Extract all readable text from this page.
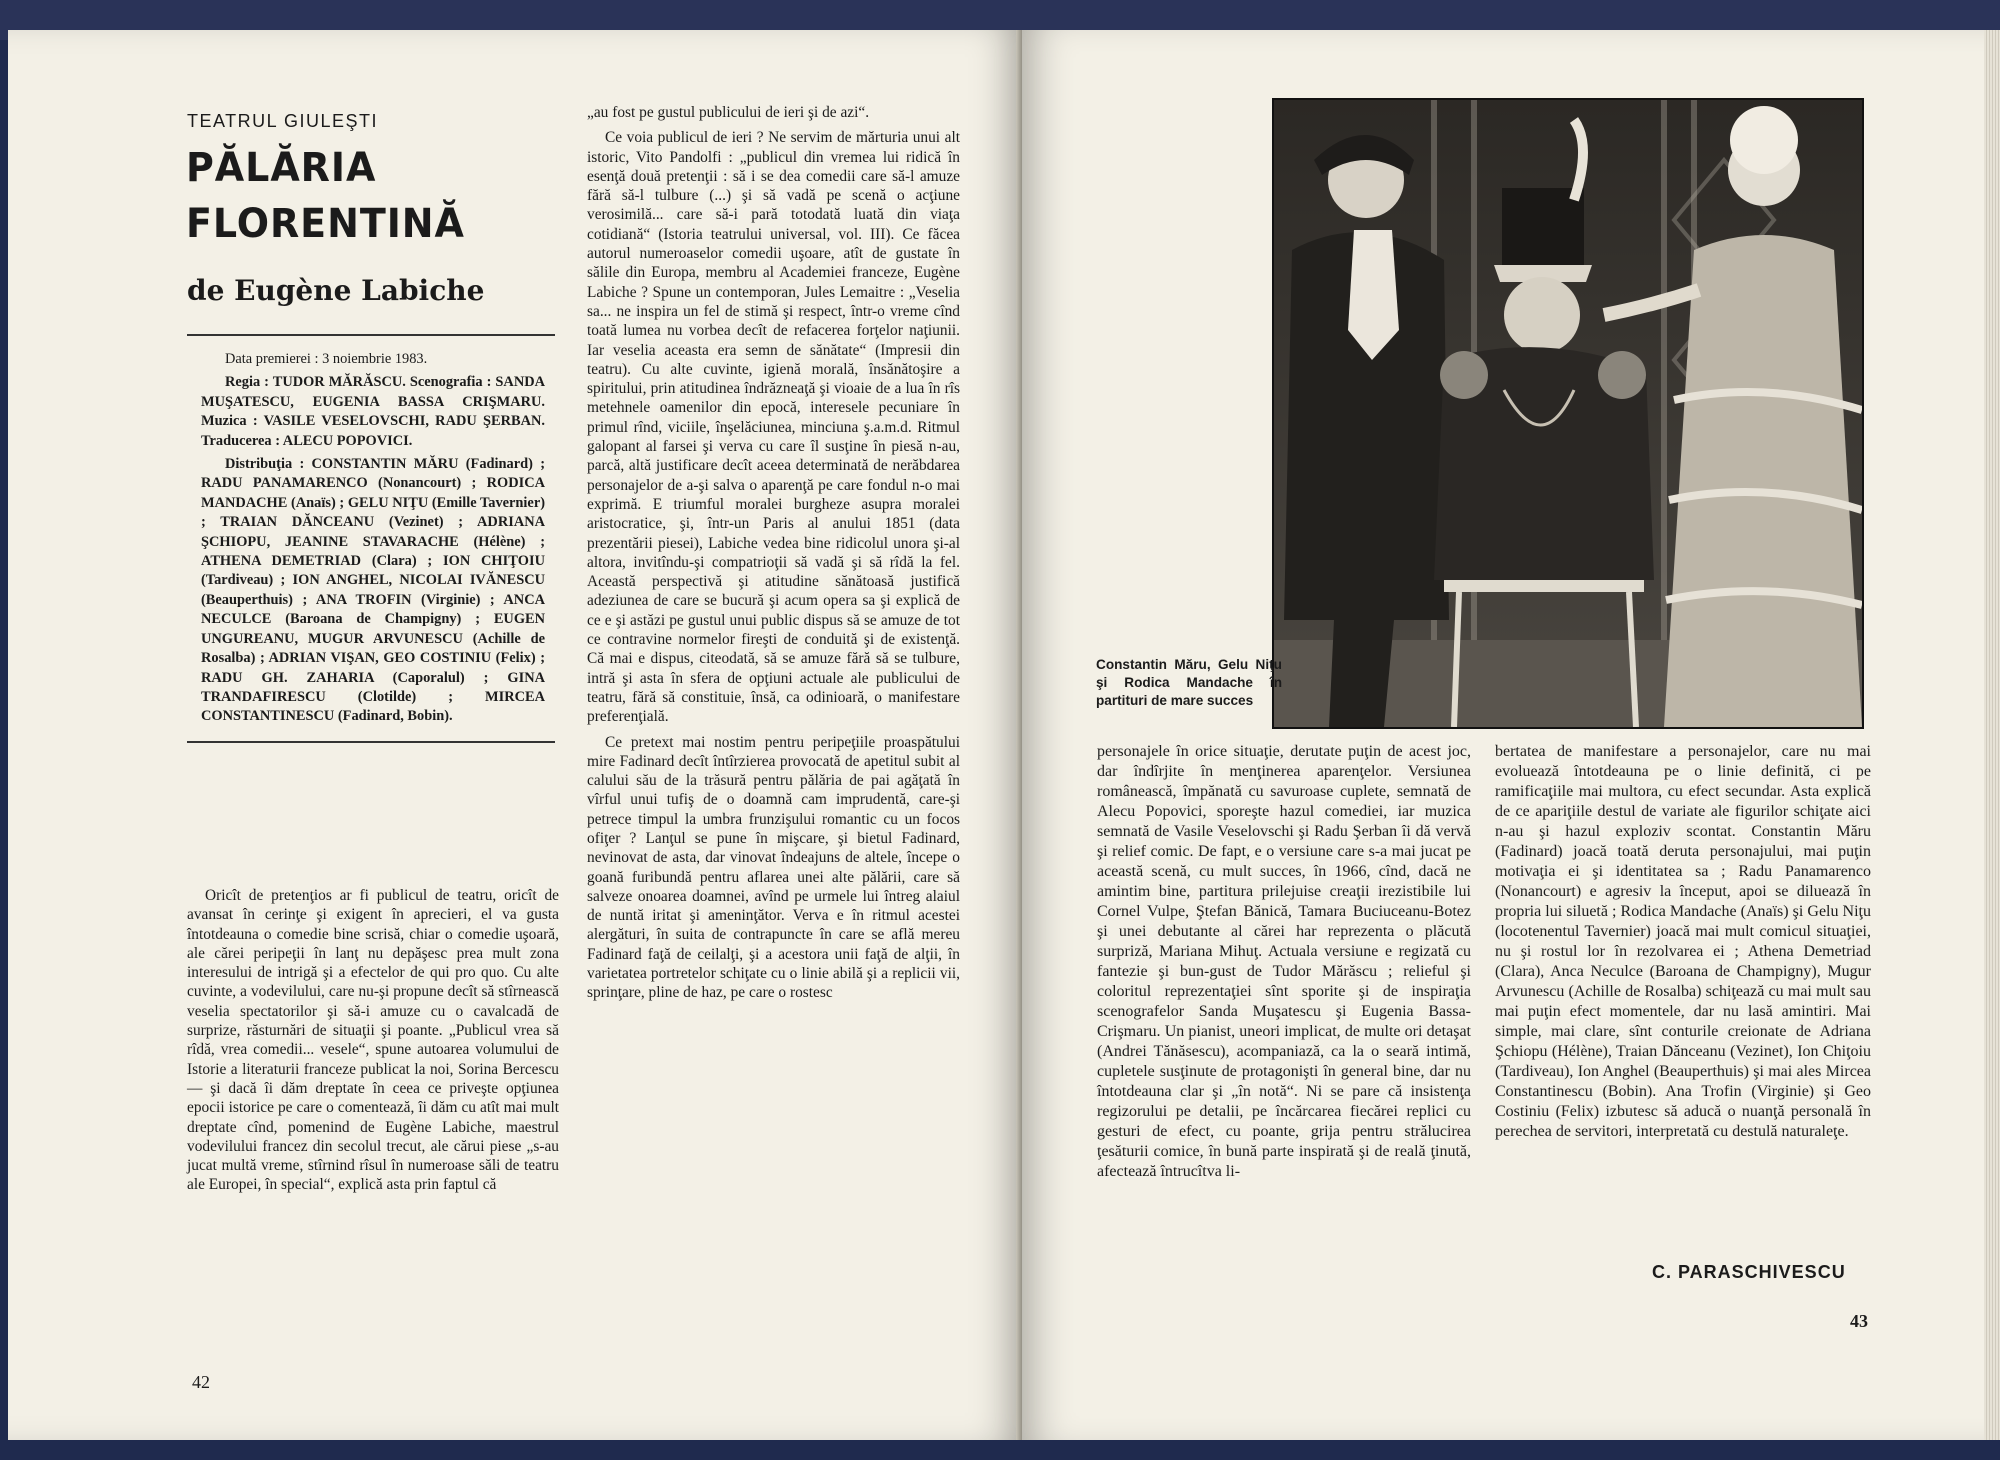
TEATRUL GIULEŞTI
PĂLĂRIA
FLORENTINĂ
de Eugène Labiche

Data premierei : 3 noiembrie 1983.

Regia : TUDOR MĂRĂSCU. Scenografia : SANDA MUŞATESCU, EUGENIA BASSA CRIŞMARU. Muzica : VASILE VESELOVSCHI, RADU ŞERBAN. Traducerea : ALECU POPOVICI.

Distribuţia : CONSTANTIN MĂRU (Fadinard) ; RADU PANAMARENCO (Nonancourt) ; RODICA MANDACHE (Anaïs) ; GELU NIŢU (Emille Tavernier) ; TRAIAN DĂNCEANU (Vezinet) ; ADRIANA ŞCHIOPU, JEANINE STAVARACHE (Hélène) ; ATHENA DEMETRIAD (Clara) ; ION CHIŢOIU (Tardiveau) ; ION ANGHEL, NICOLAI IVĂNESCU (Beauperthuis) ; ANA TROFIN (Virginie) ; ANCA NECULCE (Baroana de Champigny) ; EUGEN UNGUREANU, MUGUR ARVUNESCU (Achille de Rosalba) ; ADRIAN VIŞAN, GEO COSTINIU (Felix) ; RADU GH. ZAHARIA (Caporalul) ; GINA TRANDAFIRESCU (Clotilde) ; MIRCEA CONSTANTINESCU (Fadinard, Bobin).

Oricît de pretenţios ar fi publicul de teatru, oricît de avansat în cerinţe şi exigent în aprecieri, el va gusta întotdeauna o comedie bine scrisă, chiar o comedie uşoară, ale cărei peripeţii în lanţ nu depăşesc prea mult zona interesului de intrigă şi a efectelor de qui pro quo. Cu alte cuvinte, a vodevilului, care nu-şi propune decît să stîrnească veselia spectatorilor şi să-i amuze cu o cavalcadă de surprize, răsturnări de situaţii şi poante. „Publicul vrea să rîdă, vrea comedii... vesele“, spune autoarea volumului de Istorie a literaturii franceze publicat la noi, Sorina Bercescu — şi dacă îi dăm dreptate în ceea ce priveşte opţiunea epocii istorice pe care o comentează, îi dăm cu atît mai mult dreptate cînd, pomenind de Eugène Labiche, maestrul vodevilului francez din secolul trecut, ale cărui piese „s-au jucat multă vreme, stîrnind rîsul în numeroase săli de teatru ale Europei, în special“, explică asta prin faptul că

„au fost pe gustul publicului de ieri şi de azi“.

Ce voia publicul de ieri ? Ne servim de mărturia unui alt istoric, Vito Pandolfi : „publicul din vremea lui ridică în esenţă două pretenţii : să i se dea comedii care să-l amuze fără să-l tulbure (...) şi să vadă pe scenă o acţiune verosimilă... care să-i pară totodată luată din viaţa cotidiană“ (Istoria teatrului universal, vol. III). Ce făcea autorul numeroaselor comedii uşoare, atît de gustate în sălile din Europa, membru al Academiei franceze, Eugène Labiche ? Spune un contemporan, Jules Lemaitre : „Veselia sa... ne inspira un fel de stimă şi respect, într-o vreme cînd toată lumea nu vorbea decît de refacerea forţelor naţiunii. Iar veselia aceasta era semn de sănătate“ (Impresii din teatru). Cu alte cuvinte, igienă morală, însănătoşire a spiritului, prin atitudinea îndrăzneaţă şi vioaie de a lua în rîs metehnele oamenilor din epocă, interesele pecuniare în primul rînd, viciile, înşelăciunea, minciuna ş.a.m.d. Ritmul galopant al farsei şi verva cu care îl susţine în piesă n-au, parcă, altă justificare decît aceea determinată de nerăbdarea personajelor de a-şi salva o aparenţă pe care fondul n-o mai exprimă. E triumful moralei burgheze asupra moralei aristocratice, şi, într-un Paris al anului 1851 (data prezentării piesei), Labiche vedea bine ridicolul unora şi-al altora, invitîndu-şi compatrioţii să vadă şi să rîdă la fel. Această perspectivă şi atitudine sănătoasă justifică adeziunea de care se bucură şi acum opera sa şi explică de ce e şi astăzi pe gustul unui public dispus să se amuze de tot ce contravine normelor fireşti de conduită şi de existenţă. Că mai e dispus, citeodată, să se amuze fără să se tulbure, intră şi asta în sfera de opţiuni actuale ale publicului de teatru, fără să constituie, însă, ca odinioară, o manifestare preferenţială.

Ce pretext mai nostim pentru peripeţiile proaspătului mire Fadinard decît întîrzierea provocată de apetitul subit al calului său de la trăsură pentru pălăria de pai agăţată în vîrful unui tufiş de o doamnă cam imprudentă, care-şi petrece timpul la umbra frunzişului romantic cu un focos ofiţer ? Lanţul se pune în mişcare, şi bietul Fadinard, nevinovat de asta, dar vinovat îndeajuns de altele, începe o goană furibundă pentru aflarea unei alte pălării, care să salveze onoarea doamnei, avînd pe urmele lui întreg alaiul de nuntă iritat şi ameninţător. Verva e în ritmul acestei alergături, în suita de contrapuncte în care se află mereu Fadinard faţă de ceilalţi, şi a acestora unii faţă de alţii, în varietatea portretelor schiţate cu o linie abilă şi a replicii vii, sprinţare, pline de haz, pe care o rostesc

42
Constantin Măru, Gelu Niţu şi Rodica Mandache în partituri de mare succes

personajele în orice situaţie, derutate puţin de acest joc, dar îndîrjite în menţinerea aparenţelor. Versiunea românească, împănată cu savuroase cuplete, semnată de Alecu Popovici, sporeşte hazul comediei, iar muzica semnată de Vasile Veselovschi şi Radu Şerban îi dă vervă şi relief comic. De fapt, e o versiune care s-a mai jucat pe această scenă, cu mult succes, în 1966, cînd, dacă ne amintim bine, partitura prilejuise creaţii irezistibile lui Cornel Vulpe, Ştefan Bănică, Tamara Buciuceanu-Botez şi unei debutante al cărei har reprezenta o plăcută surpriză, Mariana Mihuţ. Actuala versiune e regizată cu fantezie şi bun-gust de Tudor Mărăscu ; relieful şi coloritul reprezentaţiei sînt sporite şi de inspiraţia scenografelor Sanda Muşatescu şi Eugenia Bassa-Crişmaru. Un pianist, uneori implicat, de multe ori detaşat (Andrei Tănăsescu), acompaniază, ca la o seară intimă, cupletele susţinute de protagonişti în general bine, dar nu întotdeauna clar şi „în notă“. Ni se pare că insistenţa regizorului pe detalii, pe încărcarea fiecărei replici cu gesturi de efect, cu poante, grija pentru strălucirea ţesăturii comice, în bună parte inspirată şi de reală ţinută, afectează întrucîtva li-

bertatea de manifestare a personajelor, care nu mai evoluează întotdeauna pe o linie definită, ci pe ramificaţiile mai multora, cu efect secundar. Asta explică de ce apariţiile destul de variate ale figurilor schiţate aici n-au şi hazul exploziv scontat. Constantin Măru (Fadinard) joacă toată deruta personajului, mai puţin motivaţia ei şi identitatea sa ; Radu Panamarenco (Nonancourt) e agresiv la început, apoi se diluează în propria lui siluetă ; Rodica Mandache (Anaïs) şi Gelu Niţu (locotenentul Tavernier) joacă mai mult comicul situaţiei, nu şi rostul lor în rezolvarea ei ; Athena Demetriad (Clara), Anca Neculce (Baroana de Champigny), Mugur Arvunescu (Achille de Rosalba) schiţează cu mai mult sau mai puţin efect momentele, dar nu lasă amintiri. Mai simple, mai clare, sînt conturile creionate de Adriana Şchiopu (Hélène), Traian Dănceanu (Vezinet), Ion Chiţoiu (Tardiveau), Ion Anghel (Beauperthuis) şi mai ales Mircea Constantinescu (Bobin). Ana Trofin (Virginie) şi Geo Costiniu (Felix) izbutesc să aducă o nuanţă personală în perechea de servitori, interpretată cu destulă naturaleţe.

C. PARASCHIVESCU
43
